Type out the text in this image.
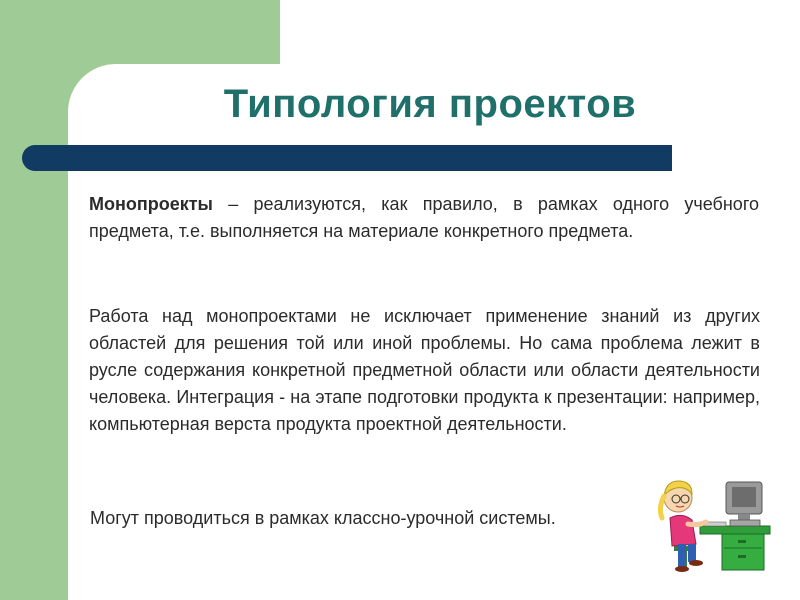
Типология проектов

Монопроекты – реализуются, как правило, в рамках одного учебного предмета, т.е. выполняется на материале конкретного предмета.

Работа над монопроектами не исключает применение знаний из других областей для решения той или иной проблемы. Но сама проблема лежит в русле содержания конкретной предметной области или области деятельности человека. Интеграция - на этапе подготовки продукта к презентации: например, компьютерная верста продукта проектной деятельности.

Могут проводиться в рамках классно-урочной системы.
